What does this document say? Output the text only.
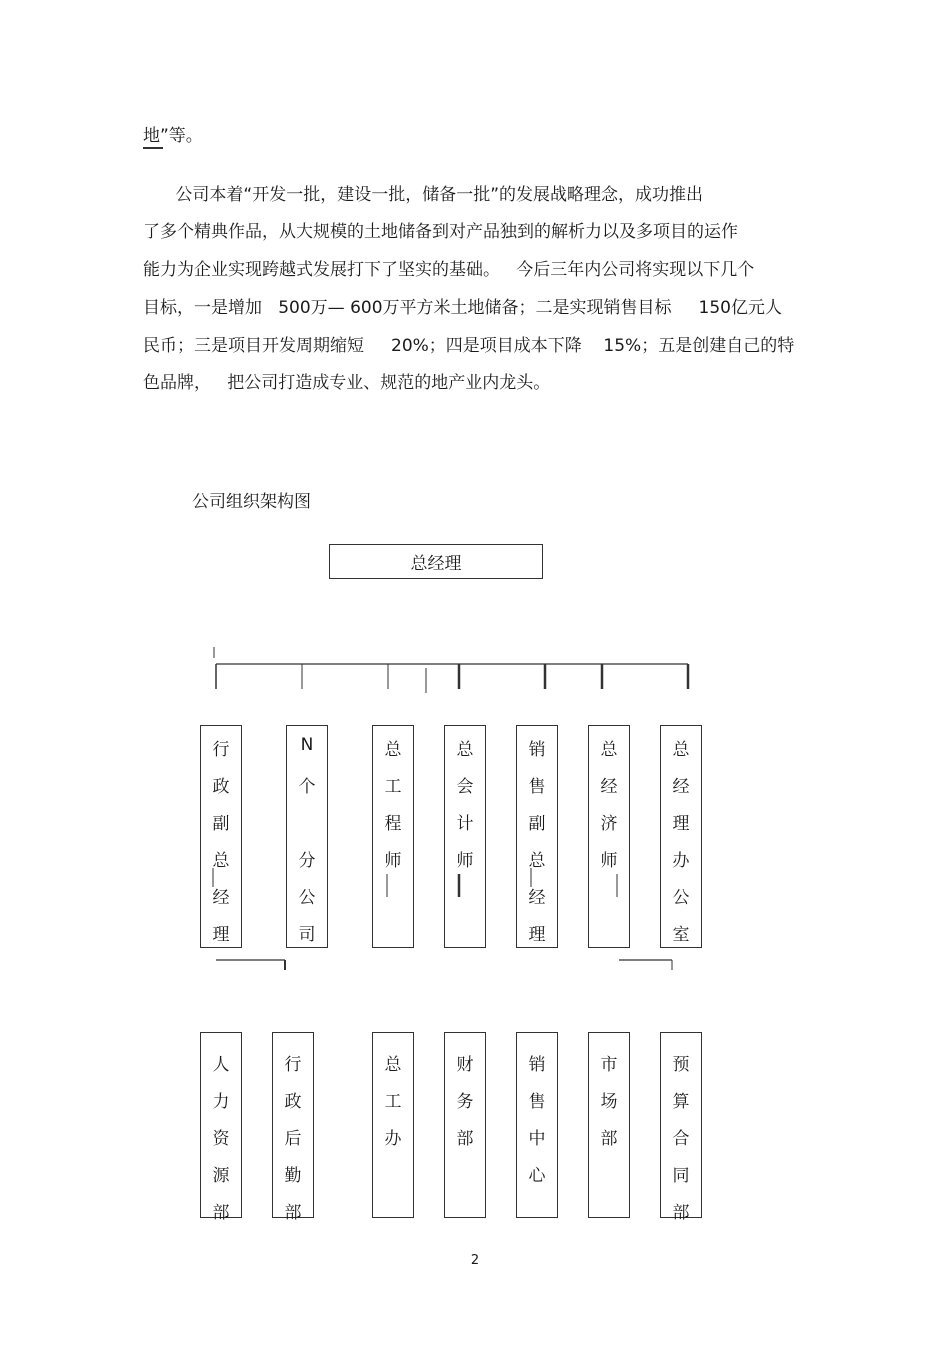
地”等。
公司本着“开发一批，建设一批，储备一批”的发展战略理念，成功推出
了多个精典作品，从大规模的土地储备到对产品独到的解析力以及多项目的运作
能力为企业实现跨越式发展打下了坚实的基础。   今后三年内公司将实现以下几个
目标，一是增加   500万— 600万平方米土地储备；二是实现销售目标     150亿元人
民币；三是项目开发周期缩短     20%；四是项目成本下降    15%；五是创建自己的特
色品牌，   把公司打造成专业、规范的地产业内龙头。
公司组织架构图
总经理
行
政
副
总
经
理
N
个
分
公
司
总
工
程
师
总
会
计
师
销
售
副
总
经
理
总
经
济
师
总
经
理
办
公
室
人
力
资
源
部
行
政
后
勤
部
总
工
办
财
务
部
销
售
中
心
市
场
部
预
算
合
同
部
2
